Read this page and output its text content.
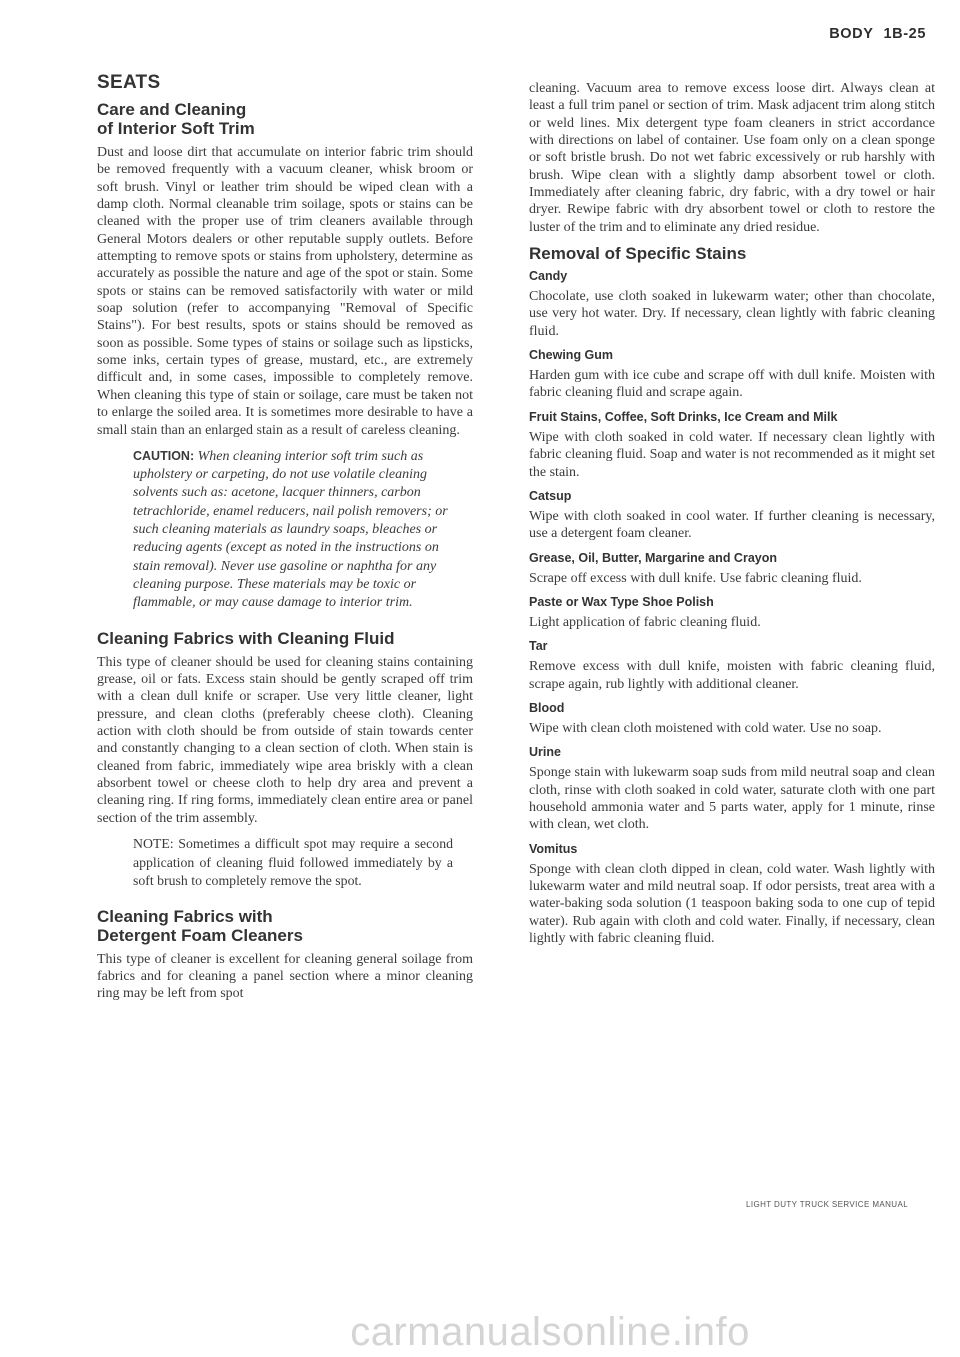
BODY 1B-25
SEATS
Care and Cleaning
of Interior Soft Trim

Dust and loose dirt that accumulate on interior fabric trim should be removed frequently with a vacuum cleaner, whisk broom or soft brush. Vinyl or leather trim should be wiped clean with a damp cloth. Normal cleanable trim soilage, spots or stains can be cleaned with the proper use of trim cleaners available through General Motors dealers or other reputable supply outlets. Before attempting to remove spots or stains from upholstery, determine as accurately as possible the nature and age of the spot or stain. Some spots or stains can be removed satisfactorily with water or mild soap solution (refer to accompanying "Removal of Specific Stains"). For best results, spots or stains should be removed as soon as possible. Some types of stains or soilage such as lipsticks, some inks, certain types of grease, mustard, etc., are extremely difficult and, in some cases, impossible to completely remove. When cleaning this type of stain or soilage, care must be taken not to enlarge the soiled area. It is sometimes more desirable to have a small stain than an enlarged stain as a result of careless cleaning.

CAUTION: When cleaning interior soft trim such as upholstery or carpeting, do not use volatile cleaning solvents such as: acetone, lacquer thinners, carbon tetrachloride, enamel reducers, nail polish removers; or such cleaning materials as laundry soaps, bleaches or reducing agents (except as noted in the instructions on stain removal). Never use gasoline or naphtha for any cleaning purpose. These materials may be toxic or flammable, or may cause damage to interior trim.
Cleaning Fabrics with Cleaning Fluid

This type of cleaner should be used for cleaning stains containing grease, oil or fats. Excess stain should be gently scraped off trim with a clean dull knife or scraper. Use very little cleaner, light pressure, and clean cloths (preferably cheese cloth). Cleaning action with cloth should be from outside of stain towards center and constantly changing to a clean section of cloth. When stain is cleaned from fabric, immediately wipe area briskly with a clean absorbent towel or cheese cloth to help dry area and prevent a cleaning ring. If ring forms, immediately clean entire area or panel section of the trim assembly.

NOTE: Sometimes a difficult spot may require a second application of cleaning fluid followed immediately by a soft brush to completely remove the spot.
Cleaning Fabrics with
Detergent Foam Cleaners

This type of cleaner is excellent for cleaning general soilage from fabrics and for cleaning a panel section where a minor cleaning ring may be left from spot

cleaning. Vacuum area to remove excess loose dirt. Always clean at least a full trim panel or section of trim. Mask adjacent trim along stitch or weld lines. Mix detergent type foam cleaners in strict accordance with directions on label of container. Use foam only on a clean sponge or soft bristle brush. Do not wet fabric excessively or rub harshly with brush. Wipe clean with a slightly damp absorbent towel or cloth. Immediately after cleaning fabric, dry fabric, with a dry towel or hair dryer. Rewipe fabric with dry absorbent towel or cloth to restore the luster of the trim and to eliminate any dried residue.

Removal of Specific Stains
Candy

Chocolate, use cloth soaked in lukewarm water; other than chocolate, use very hot water. Dry. If necessary, clean lightly with fabric cleaning fluid.

Chewing Gum

Harden gum with ice cube and scrape off with dull knife. Moisten with fabric cleaning fluid and scrape again.

Fruit Stains, Coffee, Soft Drinks, Ice Cream and Milk

Wipe with cloth soaked in cold water. If necessary clean lightly with fabric cleaning fluid. Soap and water is not recommended as it might set the stain.

Catsup

Wipe with cloth soaked in cool water. If further cleaning is necessary, use a detergent foam cleaner.

Grease, Oil, Butter, Margarine and Crayon

Scrape off excess with dull knife. Use fabric cleaning fluid.

Paste or Wax Type Shoe Polish

Light application of fabric cleaning fluid.

Tar

Remove excess with dull knife, moisten with fabric cleaning fluid, scrape again, rub lightly with additional cleaner.

Blood

Wipe with clean cloth moistened with cold water. Use no soap.

Urine

Sponge stain with lukewarm soap suds from mild neutral soap and clean cloth, rinse with cloth soaked in cold water, saturate cloth with one part household ammonia water and 5 parts water, apply for 1 minute, rinse with clean, wet cloth.

Vomitus

Sponge with clean cloth dipped in clean, cold water. Wash lightly with lukewarm water and mild neutral soap. If odor persists, treat area with a water-baking soda solution (1 teaspoon baking soda to one cup of tepid water). Rub again with cloth and cold water. Finally, if necessary, clean lightly with fabric cleaning fluid.

LIGHT DUTY TRUCK SERVICE MANUAL
carmanualsonline.info
